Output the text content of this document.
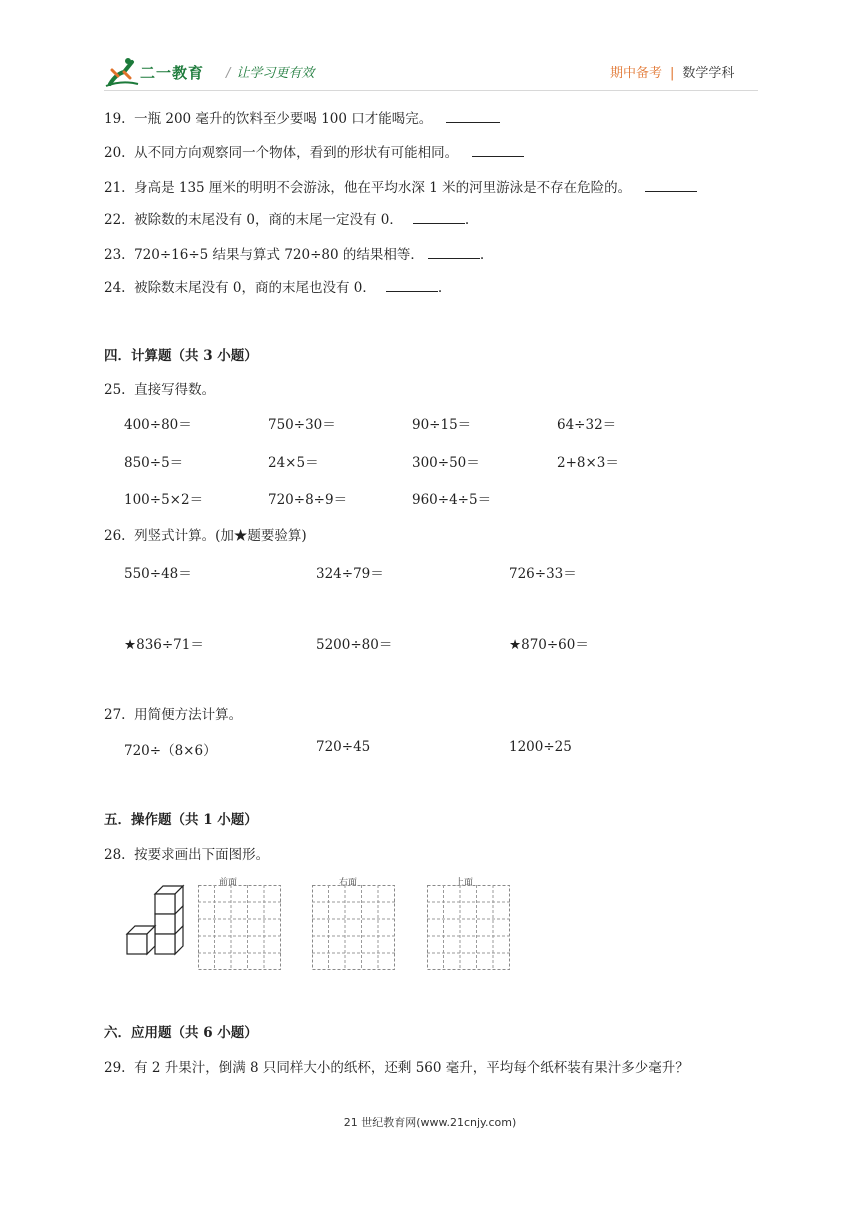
二一教育 / 让学习更有效	期中备考 | 数学学科
19. 一瓶 200 毫升的饮料至少要喝 100 口才能喝完。
20. 从不同方向观察同一个物体，看到的形状有可能相同。
21. 身高是 135 厘米的明明不会游泳，他在平均水深 1 米的河里游泳是不存在危险的。
22. 被除数的末尾没有 0，商的末尾一定没有 0．	.
23. 720÷16÷5 结果与算式 720÷80 的结果相等．	.
24. 被除数末尾没有 0，商的末尾也没有 0．	.
四．计算题（共 3 小题）
25. 直接写得数。
400÷80＝	750÷30＝	90÷15＝	64÷32＝
850÷5＝	24×5＝	300÷50＝	2+8×3＝
100÷5×2＝	720÷8÷9＝	960÷4÷5＝
26. 列竖式计算。(加★题要验算)
550÷48＝	324÷79＝	726÷33＝
★836÷71＝	5200÷80＝	★870÷60＝
27. 用简便方法计算。
720÷（8×6）	720÷45	1200÷25
五．操作题（共 1 小题）
28. 按要求画出下面图形。
前面	右面	上面
六．应用题（共 6 小题）
29. 有 2 升果汁，倒满 8 只同样大小的纸杯，还剩 560 毫升，平均每个纸杯装有果汁多少毫升？
21 世纪教育网(www.21cnjy.com)
